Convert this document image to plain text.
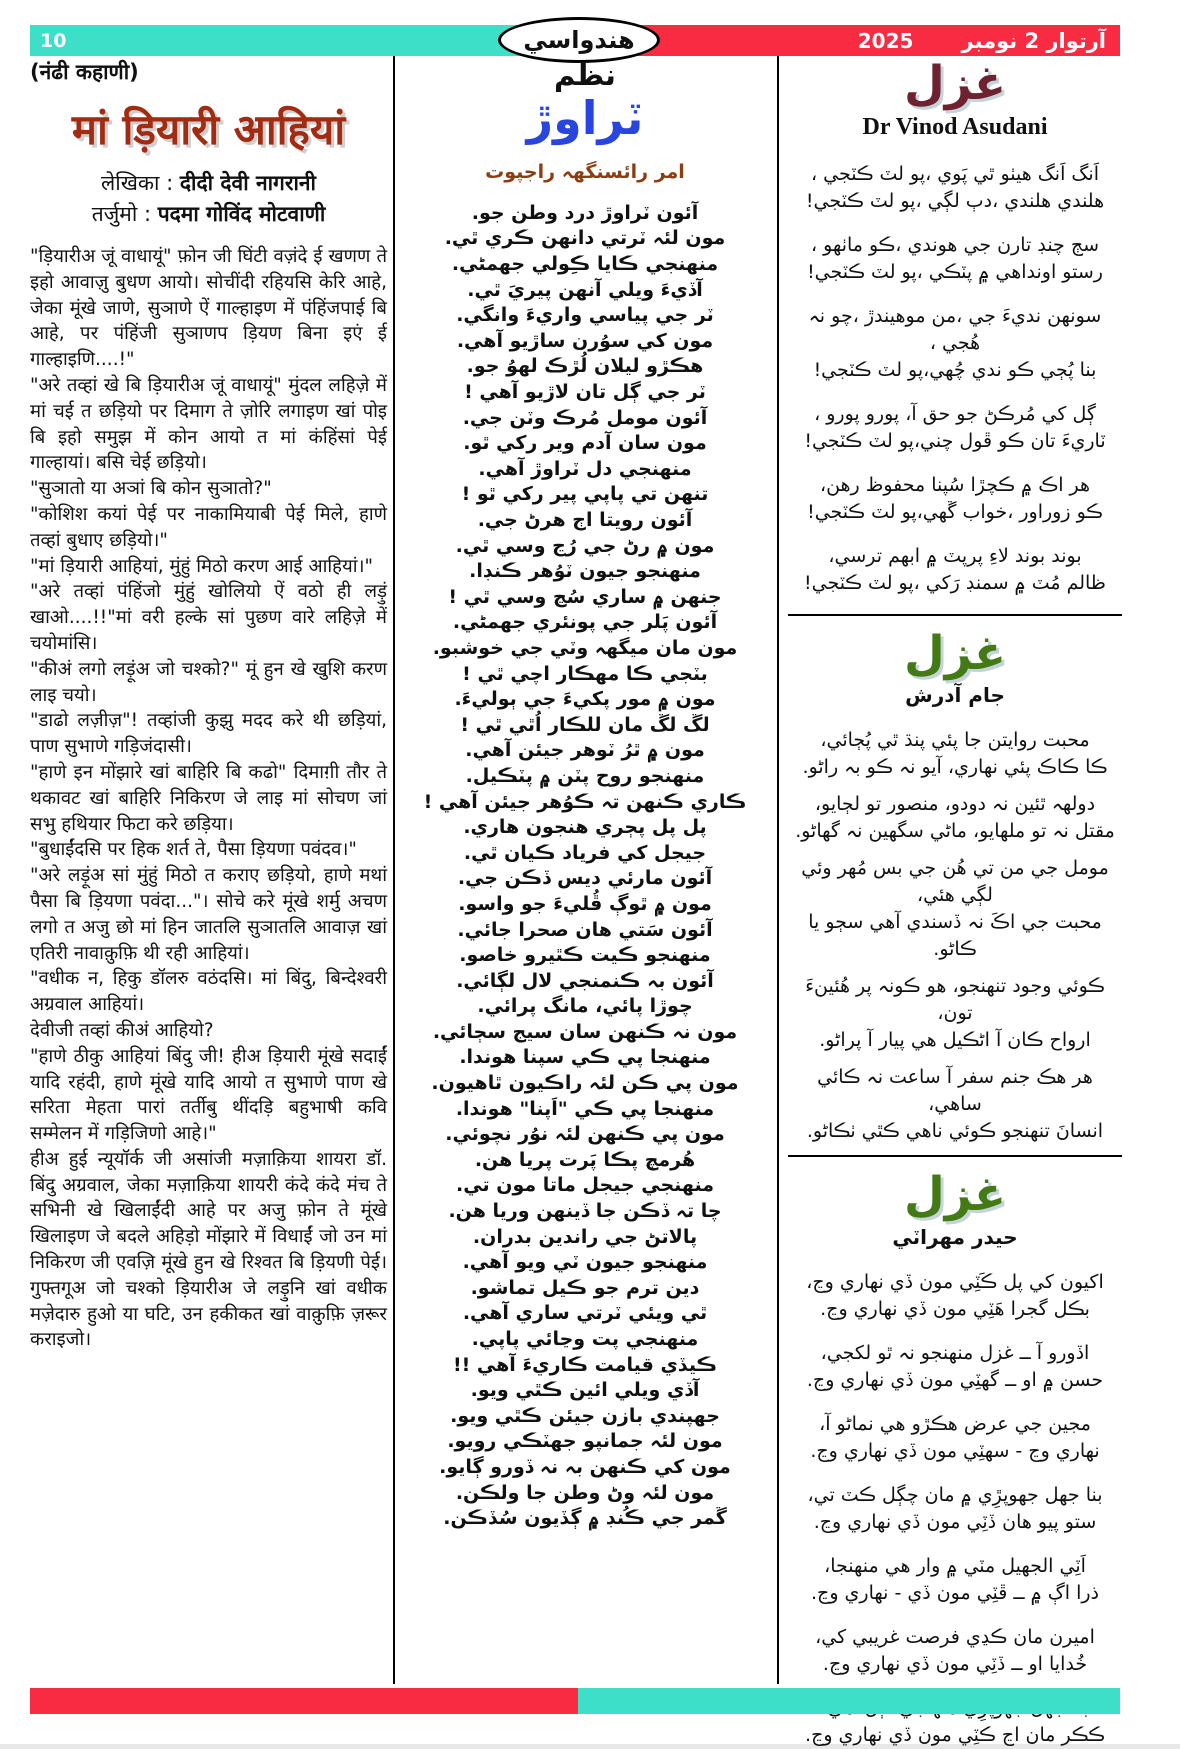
10	2025 آرتوار 2 نومبر
هندواسي
(नंढी कहाणी)
मां ड़ियारी आहियां
लेखिका : दीदी देवी नागरानी
तर्जुमो : पदमा गोविंद मोटवाणी

"ड़ियारीअ जूं वाधायूं" फ़ोन जी घिंटी वज़ंदे ई खणण ते इहो आवाज़ु बुधण आयो। सोचींदी रहियसि केरि आहे, जेका मूंखे जाणे, सुञाणे ऐं गाल्हाइण में पंहिंजपाई बि आहे, पर पंहिंजी सुञाणप ड़ियण बिना इएं ई गाल्हाइणि....!"

"अरे तव्हां खे बि ड़ियारीअ जूं वाधायूं" मुंदल लहिज़े में मां चई त छड़ियो पर दिमाग ते ज़ोरि लगाइण खां पोइ बि इहो समुझ में कोन आयो त मां कंहिंसां पेई गाल्हायां। बसि चेई छड़ियो।

"सुञातो या अञां बि कोन सुञातो?"

"कोशिश कयां पेई पर नाकामियाबी पेई मिले, हाणे तव्हां बुधाए छड़ियो।"

"मां ड़ियारी आहियां, मुंहुं मिठो करण आई आहियां।"

"अरे तव्हां पंहिंजो मुंहुं खोलियो ऐं वठो ही लड़ुं खाओ....!!"मां वरी हल्के सां पुछण वारे लहिज़े में चयोमांसि।

"कीअं लगो लड़ूंअ जो चश्को?" मूं हुन खे खुशि करण लाइ चयो।

"डाढो लज़ीज़"! तव्हांजी कुझु मदद करे थी छड़ियां, पाण सुभाणे गड़िजंदासी।

"हाणे इन मोंझारे खां बाहिरि बि कढो" दिमाग़ी तौर ते थकावट खां बाहिरि निकिरण जे लाइ मां सोचण जां सभु हथियार फिटा करे छड़िया।

"बुधाईंदसि पर हिक शर्त ते, पैसा ड़ियणा पवंदव।"

"अरे लड़ूंअ सां मुंहुं मिठो त कराए छड़ियो, हाणे मथां पैसा बि ड़ियणा पवंदा..."। सोचे करे मूंखे शर्मु अचण लगो त अजु छो मां हिन जातलि सुञातलि आवाज़ खां एतिरी नावाक़ुफ़ि थी रही आहियां।

"वधीक न, हिकु डॉलरु वठंदसि। मां बिंदु, बिन्देश्वरी अग्रवाल आहियां।

देवीजी तव्हां कीअं आहियो?

"हाणे ठीकु आहियां बिंदु जी! हीअ ड़ियारी मूंखे सदाईं यादि रहंदी, हाणे मूंखे यादि आयो त सुभाणे पाण खे सरिता मेहता पारां तर्तीबु थींदड़ि बहुभाषी कवि सम्मेलन में गड़िजिणो आहे।"

हीअ हुई न्यूयॉर्क जी असांजी मज़ाक़िया शायरा डॉ. बिंदु अग्रवाल, जेका मज़ाक़िया शायरी कंदे कंदे मंच ते सभिनी खे खिलाईंदी आहे पर अजु फ़ोन ते मूंखे खिलाइण जे बदले अहिड़ो मोंझारे में विधाईं जो उन मां निकिरण जी एवज़ि मूंखे हुन खे रिश्वत बि ड़ियणी पेई। गुफ्तगूअ जो चश्को ड़ियारीअ जे लड़ुनि खां वधीक मज़ेदारु हुओ या घटि, उन हकीकत खां वाक़ुफ़ि ज़रूर कराइजो।

نظم
ٽراوڙ
امر رائسنگهہ راجپوت
آئون ٽراوڙ درد وطن جو.
مون لئہ ٽرتي دانهن ڪري ٿي.
منهنجي ڪايا ڪِولي جهمڻي.
آڏيءَ ويلي آنهن پيريَ ٿي.
ٽر جي پياسي واريءَ وانگي.
مون کي سوُرن ساڙيو آهي.
هڪڙو ليلان لُڙڪ لهوُ جو.
ٽر جي ڳل تان لاڙيو آهي !
آئون مومل مُرڪ وٽن جي.
مون سان آدم وير رکي ٿو.
منهنجي دل ٽراوڙ آهي.
تنهن تي پاپي پير رکي ٿو !
آئون رويتا اڄ هرڻ جي.
مون ۾ رڻ جي رُڃ وسي ٿي.
منهنجو جيون ٽوُهر ڪنڊا.
جنهن ۾ ساري سُڃ وسي ٿي !
آئون پَلر جي پونئري جهمڻي.
مون مان ميگهہ وٽي جي خوشبو.
بٽجي ڪا مهڪار اچي ٿي !
مون ۾ مور پکيءَ جي ٻوليءَ.
لڱ لڱ مان للڪار اُٿي ٿي !
مون ۾ ٿرُ ٽوهر جيئن آهي.
منهنجو روح پٽن ۾ پٽڪيل.
ڪاري ڪنهن تہ ڪوُهر جيئن آهي !
پل پل پڄري هنجون هاري.
جيجل کي فرياد ڪيان ٿي.
آئون مارئي ديس ڏڪن جي.
مون ۾ ٿوڳ ڦُليءَ جو واسو.
آئون سَتي هان صحرا جائي.
منهنجو ڪيت ڪٿيرو خاصو.
آئون بہ ڪنمنجي لال لڳائي.
چوڙا پائي، مانگ پرائي.
مون نہ ڪنهن سان سيج سڄائي.
منهنجا پي ڪي سپنا هوندا.
مون پي ڪن لئہ راڪيون ٿاهيون.
منهنجا پي ڪي "اَپنا" هوندا.
مون پي ڪنهن لئہ نوُر نچوئي.
هُرمچ پڪا پَرت پريا هن.
منهنجي جيجل ماتا مون تي.
چا تہ ڏڪن جا ڏينهن وريا هن.
پالاتڻ جي راندين بدران.
منهنجو جيون ٽي ويو آهي.
دين ترم جو ڪيل تماشو.
ٿي ويئي ٽرتي ساري آهي.
منهنجي پت وڃائي پاپي.
ڪيڏي قيامت ڪاريءَ آهي !!
آڏي ويلي ائين ڪٿي ويو.
جهپندي بازن جيئن ڪٿي ويو.
مون لئہ جمانپو جهٽڪي رويو.
مون کي ڪنهن بہ نہ ڏورو ڳايو.
مون لئہ وڻ وطن جا ولڪن.
ڱمر جي ڪُنڊ ۾ ڳڏيون سُڏڪن.
غزل
Dr Vinod Asudani
اَنگ اَنگ هيٺو ٿي پَوي ،پو لٽ ڪٽجي ،
هلندي هلندي ،دٻ لڳي ،پو لٽ ڪٽجي!
سڄ چنڊ تارن جي هوندي ،ڪو ماٺهو ،
رستو اونداهي ۾ پٽڪي ،پو لٽ ڪٽجي!
سونهن نديءَ جي ،من موهيندڙ ،چو نہ هُجي ،
بنا پُڄي ڪو ندي چُهي،پو لٽ ڪٽجي!
ڳل کي مُرڪڻ جو حق آ، پورو پورو ،
ٽاريءَ تان ڪو ڦول چني،پو لٽ ڪٽجي!
هر اڪ ۾ ڪچڙا سُپنا محفوظ رهن،
ڪو زوراور ،خواب ڱهي،پو لٽ ڪٽجي!
بوند بوند لاءِ پرپٽ ۾ ابهم ترسي،
ظالم مُٽ ۾ سمنڊ رَکي ،پو لٽ ڪٽجي!
غزل
جام آدرش
محبت روايتن جا پئي پنڌ ٿي پُڄائي،
ڪا ڪاڪ پئي نهاري، آيو نہ ڪو بہ راڻو.
دولهہ ٿئين نہ دودو، منصور تو لڄايو،
مقتل نہ تو ملهايو، ماڻي سگهين نہ گهاڻو.
مومل جي من تي هُن جي بس مُهر وئي لڳي هئي،
محبت جي اڪَ نہ ڏسندي آهي سڄو يا ڪاڻو.
ڪوئي وجود تنهنجو، هو ڪونہ پر هُئينءَ تون،
ارواح ڪان آ اڻڪيل هي پيار آ پراڻو.
هر هڪ جنم سفر آ ساعت نہ ڪائي ساهي،
انسانَ تنهنجو ڪوئي ناهي ڪٿي ٺڪاڻو.
غزل
حيدر مهراٽي
اکيون کي پل ڪَٽِي مون ڏي نهاري وڃ،
بڪل گجرا هَٽِي مون ڏي نهاري وڃ.
اڏورو آ ــ غزل منهنجو نہ ٿو لکجي،
حسن ۾ او ــ گهٽِي مون ڏي نهاري وڃ.
مجين جي عرض هڪڙو هي نماڻو آ،
نهاري وڃ - سهٽِي مون ڏي نهاري وڃ.
بنا جهل جهوپڙِي ۾ مان چڳل ڪٽ تي،
ستو پيو هان ڏٽِي مون ڏي نهاري وڃ.
اَٽِي الجهيل مٽي ۾ وار هي منهنجا،
ذرا اڳ ۾ ــ ڦٽِي مون ڏي - نهاري وڃ.
اميرن مان ڪڍي فرصت غريبي کي،
خُدايا او ــ ڏٽِي مون ڏي نهاري وڃ.
ڪڪر مان اڃ ڪٽِي مون ڏي نهاري وڃ.
